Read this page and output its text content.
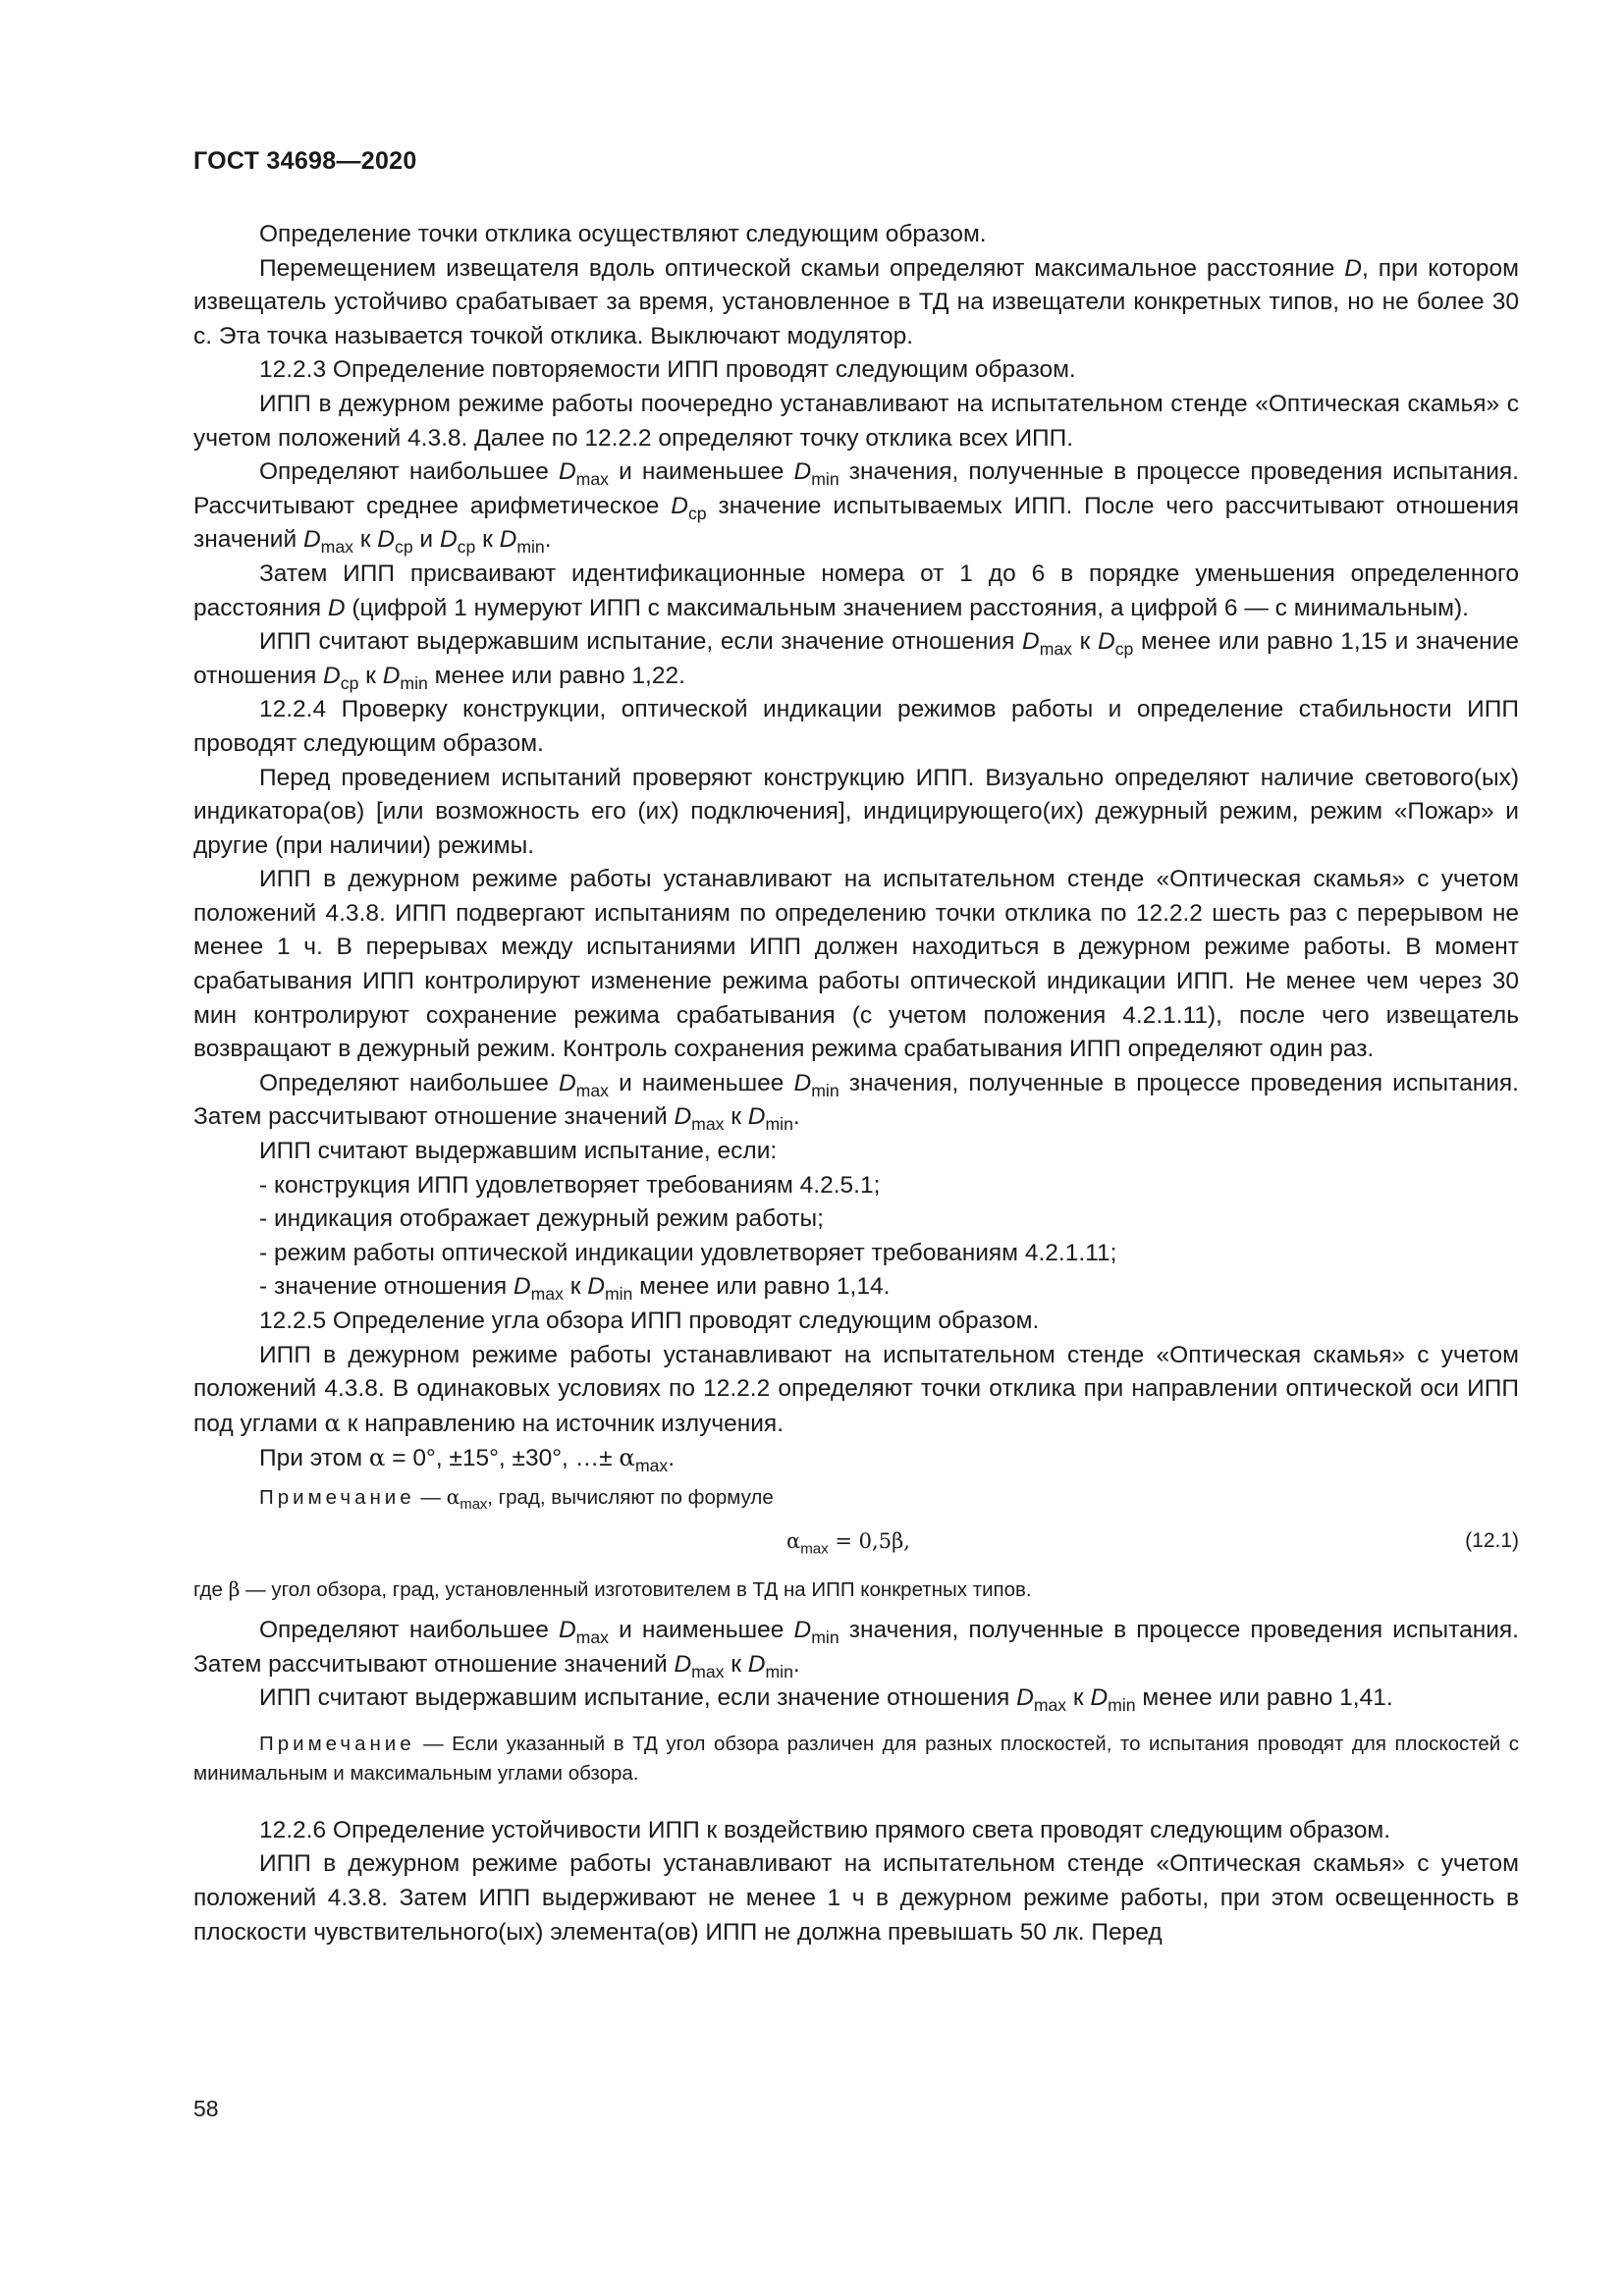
ГОСТ 34698—2020

Определение точки отклика осуществляют следующим образом.

Перемещением извещателя вдоль оптической скамьи определяют максимальное расстояние D, при котором извещатель устойчиво срабатывает за время, установленное в ТД на извещатели конкретных типов, но не более 30 с. Эта точка называется точкой отклика. Выключают модулятор.

12.2.3 Определение повторяемости ИПП проводят следующим образом.

ИПП в дежурном режиме работы поочередно устанавливают на испытательном стенде «Оптическая скамья» с учетом положений 4.3.8. Далее по 12.2.2 определяют точку отклика всех ИПП.

Определяют наибольшее $D_{max}$ и наименьшее $D_{min}$ значения, полученные в процессе проведения испытания. Рассчитывают среднее арифметическое $D_{ср}$ значение испытываемых ИПП. После чего рассчитывают отношения значений $D_{max}$ к $D_{ср}$ и $D_{ср}$ к $D_{min}$.

Затем ИПП присваивают идентификационные номера от 1 до 6 в порядке уменьшения определенного расстояния D (цифрой 1 нумеруют ИПП с максимальным значением расстояния, а цифрой 6 — с минимальным).

ИПП считают выдержавшим испытание, если значение отношения $D_{max}$ к $D_{ср}$ менее или равно 1,15 и значение отношения $D_{ср}$ к $D_{min}$ менее или равно 1,22.

12.2.4 Проверку конструкции, оптической индикации режимов работы и определение стабильности ИПП проводят следующим образом.

Перед проведением испытаний проверяют конструкцию ИПП. Визуально определяют наличие светового(ых) индикатора(ов) [или возможность его (их) подключения], индицирующего(их) дежурный режим, режим «Пожар» и другие (при наличии) режимы.

ИПП в дежурном режиме работы устанавливают на испытательном стенде «Оптическая скамья» с учетом положений 4.3.8. ИПП подвергают испытаниям по определению точки отклика по 12.2.2 шесть раз с перерывом не менее 1 ч. В перерывах между испытаниями ИПП должен находиться в дежурном режиме работы. В момент срабатывания ИПП контролируют изменение режима работы оптической индикации ИПП. Не менее чем через 30 мин контролируют сохранение режима срабатывания (с учетом положения 4.2.1.11), после чего извещатель возвращают в дежурный режим. Контроль сохранения режима срабатывания ИПП определяют один раз.

Определяют наибольшее $D_{max}$ и наименьшее $D_{min}$ значения, полученные в процессе проведения испытания. Затем рассчитывают отношение значений $D_{max}$ к $D_{min}$.

ИПП считают выдержавшим испытание, если:

- конструкция ИПП удовлетворяет требованиям 4.2.5.1;

- индикация отображает дежурный режим работы;

- режим работы оптической индикации удовлетворяет требованиям 4.2.1.11;

- значение отношения $D_{max}$ к $D_{min}$ менее или равно 1,14.

12.2.5 Определение угла обзора ИПП проводят следующим образом.

ИПП в дежурном режиме работы устанавливают на испытательном стенде «Оптическая скамья» с учетом положений 4.3.8. В одинаковых условиях по 12.2.2 определяют точки отклика при направлении оптической оси ИПП под углами α к направлению на источник излучения.

При этом α = 0°, ±15°, ±30°, …± $\alpha_{max}$.

Примечание — $\alpha_{max}$, град, вычисляют по формуле
$\alpha_{max} = 0,5\beta$,	(12.1)
где β — угол обзора, град, установленный изготовителем в ТД на ИПП конкретных типов.

Определяют наибольшее $D_{max}$ и наименьшее $D_{min}$ значения, полученные в процессе проведения испытания. Затем рассчитывают отношение значений $D_{max}$ к $D_{min}$.

ИПП считают выдержавшим испытание, если значение отношения $D_{max}$ к $D_{min}$ менее или равно 1,41.

Примечание — Если указанный в ТД угол обзора различен для разных плоскостей, то испытания проводят для плоскостей с минимальным и максимальным углами обзора.

12.2.6 Определение устойчивости ИПП к воздействию прямого света проводят следующим образом.

ИПП в дежурном режиме работы устанавливают на испытательном стенде «Оптическая скамья» с учетом положений 4.3.8. Затем ИПП выдерживают не менее 1 ч в дежурном режиме работы, при этом освещенность в плоскости чувствительного(ых) элемента(ов) ИПП не должна превышать 50 лк. Перед

58
